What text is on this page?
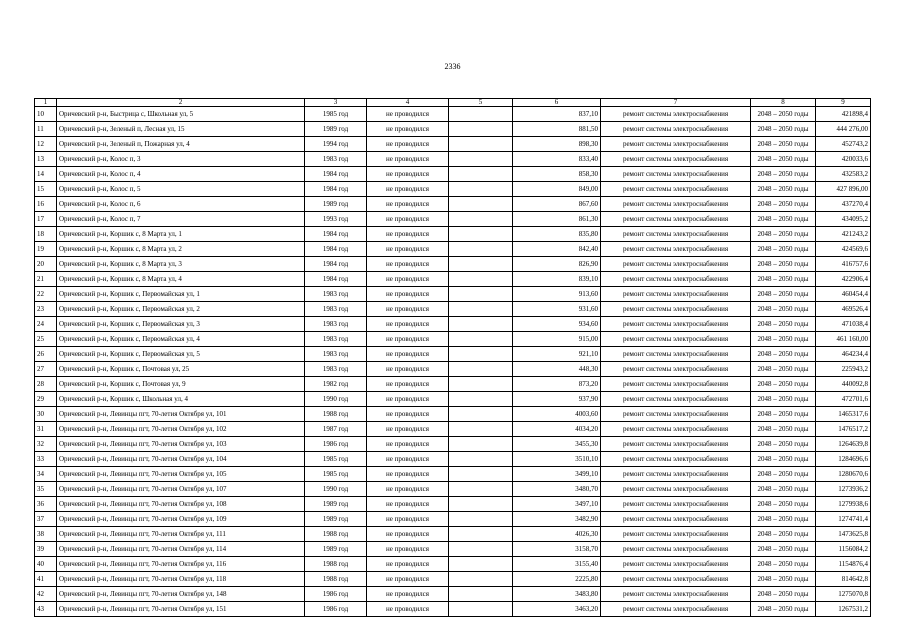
2336
1	2	3	4	5	6	7	8	9
10	Оричевский р-н, Быстрица с, Школьная ул, 5	1985 год	не проводился		837,10	ремонт системы электроснабжения	2048 – 2050 годы	421898,4
11	Оричевский р-н, Зеленый п, Лесная ул, 15	1989 год	не проводился		881,50	ремонт системы электроснабжения	2048 – 2050 годы	444 276,00
12	Оричевский р-н, Зеленый п, Пожарная ул, 4	1994 год	не проводился		898,30	ремонт системы электроснабжения	2048 – 2050 годы	452743,2
13	Оричевский р-н, Колос п, 3	1983 год	не проводился		833,40	ремонт системы электроснабжения	2048 – 2050 годы	420033,6
14	Оричевский р-н, Колос п, 4	1984 год	не проводился		858,30	ремонт системы электроснабжения	2048 – 2050 годы	432583,2
15	Оричевский р-н, Колос п, 5	1984 год	не проводился		849,00	ремонт системы электроснабжения	2048 – 2050 годы	427 896,00
16	Оричевский р-н, Колос п, 6	1989 год	не проводился		867,60	ремонт системы электроснабжения	2048 – 2050 годы	437270,4
17	Оричевский р-н, Колос п, 7	1993 год	не проводился		861,30	ремонт системы электроснабжения	2048 – 2050 годы	434095,2
18	Оричевский р-н, Коршик с, 8 Марта ул, 1	1984 год	не проводился		835,80	ремонт системы электроснабжения	2048 – 2050 годы	421243,2
19	Оричевский р-н, Коршик с, 8 Марта ул, 2	1984 год	не проводился		842,40	ремонт системы электроснабжения	2048 – 2050 годы	424569,6
20	Оричевский р-н, Коршик с, 8 Марта ул, 3	1984 год	не проводился		826,90	ремонт системы электроснабжения	2048 – 2050 годы	416757,6
21	Оричевский р-н, Коршик с, 8 Марта ул, 4	1984 год	не проводился		839,10	ремонт системы электроснабжения	2048 – 2050 годы	422906,4
22	Оричевский р-н, Коршик с, Первомайская ул, 1	1983 год	не проводился		913,60	ремонт системы электроснабжения	2048 – 2050 годы	460454,4
23	Оричевский р-н, Коршик с, Первомайская ул, 2	1983 год	не проводился		931,60	ремонт системы электроснабжения	2048 – 2050 годы	469526,4
24	Оричевский р-н, Коршик с, Первомайская ул, 3	1983 год	не проводился		934,60	ремонт системы электроснабжения	2048 – 2050 годы	471038,4
25	Оричевский р-н, Коршик с, Первомайская ул, 4	1983 год	не проводился		915,00	ремонт системы электроснабжения	2048 – 2050 годы	461 160,00
26	Оричевский р-н, Коршик с, Первомайская ул, 5	1983 год	не проводился		921,10	ремонт системы электроснабжения	2048 – 2050 годы	464234,4
27	Оричевский р-н, Коршик с, Почтовая ул, 25	1983 год	не проводился		448,30	ремонт системы электроснабжения	2048 – 2050 годы	225943,2
28	Оричевский р-н, Коршик с, Почтовая ул, 9	1982 год	не проводился		873,20	ремонт системы электроснабжения	2048 – 2050 годы	440092,8
29	Оричевский р-н, Коршик с, Школьная ул, 4	1990 год	не проводился		937,90	ремонт системы электроснабжения	2048 – 2050 годы	472701,6
30	Оричевский р-н, Левинцы пгт, 70-летия Октября ул, 101	1988 год	не проводился		4003,60	ремонт системы электроснабжения	2048 – 2050 годы	1465317,6
31	Оричевский р-н, Левинцы пгт, 70-летия Октября ул, 102	1987 год	не проводился		4034,20	ремонт системы электроснабжения	2048 – 2050 годы	1476517,2
32	Оричевский р-н, Левинцы пгт, 70-летия Октября ул, 103	1986 год	не проводился		3455,30	ремонт системы электроснабжения	2048 – 2050 годы	1264639,8
33	Оричевский р-н, Левинцы пгт, 70-летия Октября ул, 104	1985 год	не проводился		3510,10	ремонт системы электроснабжения	2048 – 2050 годы	1284696,6
34	Оричевский р-н, Левинцы пгт, 70-летия Октября ул, 105	1985 год	не проводился		3499,10	ремонт системы электроснабжения	2048 – 2050 годы	1280670,6
35	Оричевский р-н, Левинцы пгт, 70-летия Октября ул, 107	1990 год	не проводился		3480,70	ремонт системы электроснабжения	2048 – 2050 годы	1273936,2
36	Оричевский р-н, Левинцы пгт, 70-летия Октября ул, 108	1989 год	не проводился		3497,10	ремонт системы электроснабжения	2048 – 2050 годы	1279938,6
37	Оричевский р-н, Левинцы пгт, 70-летия Октября ул, 109	1989 год	не проводился		3482,90	ремонт системы электроснабжения	2048 – 2050 годы	1274741,4
38	Оричевский р-н, Левинцы пгт, 70-летия Октября ул, 111	1988 год	не проводился		4026,30	ремонт системы электроснабжения	2048 – 2050 годы	1473625,8
39	Оричевский р-н, Левинцы пгт, 70-летия Октября ул, 114	1989 год	не проводился		3158,70	ремонт системы электроснабжения	2048 – 2050 годы	1156084,2
40	Оричевский р-н, Левинцы пгт, 70-летия Октября ул, 116	1988 год	не проводился		3155,40	ремонт системы электроснабжения	2048 – 2050 годы	1154876,4
41	Оричевский р-н, Левинцы пгт, 70-летия Октября ул, 118	1988 год	не проводился		2225,80	ремонт системы электроснабжения	2048 – 2050 годы	814642,8
42	Оричевский р-н, Левинцы пгт, 70-летия Октября ул, 148	1986 год	не проводился		3483,80	ремонт системы электроснабжения	2048 – 2050 годы	1275070,8
43	Оричевский р-н, Левинцы пгт, 70-летия Октября ул, 151	1986 год	не проводился		3463,20	ремонт системы электроснабжения	2048 – 2050 годы	1267531,2
